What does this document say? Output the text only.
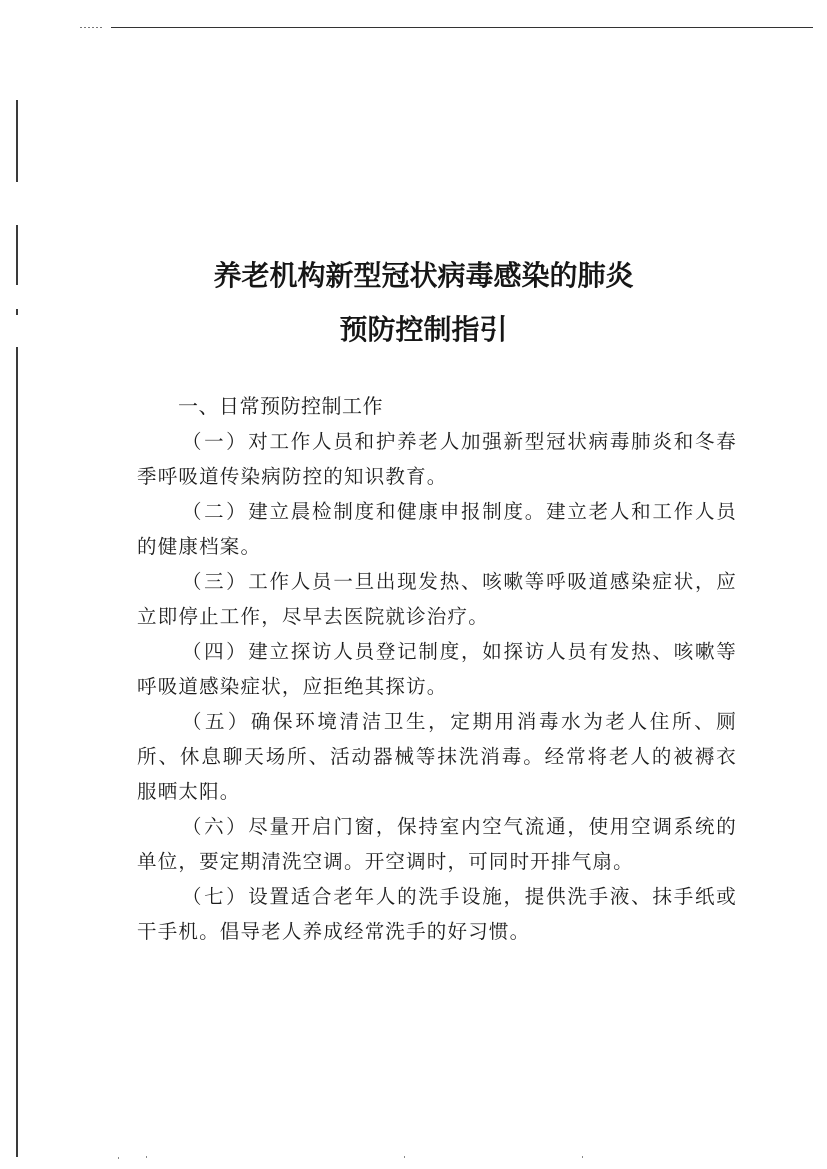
养老机构新型冠状病毒感染的肺炎
预防控制指引
一、日常预防控制工作

（一）对工作人员和护养老人加强新型冠状病毒肺炎和冬春季呼吸道传染病防控的知识教育。

（二）建立晨检制度和健康申报制度。建立老人和工作人员的健康档案。

（三）工作人员一旦出现发热、咳嗽等呼吸道感染症状，应立即停止工作，尽早去医院就诊治疗。

（四）建立探访人员登记制度，如探访人员有发热、咳嗽等呼吸道感染症状，应拒绝其探访。

（五）确保环境清洁卫生，定期用消毒水为老人住所、厕所、休息聊天场所、活动器械等抹洗消毒。经常将老人的被褥衣服晒太阳。

（六）尽量开启门窗，保持室内空气流通，使用空调系统的单位，要定期清洗空调。开空调时，可同时开排气扇。

（七）设置适合老年人的洗手设施，提供洗手液、抹手纸或干手机。倡导老人养成经常洗手的好习惯。
